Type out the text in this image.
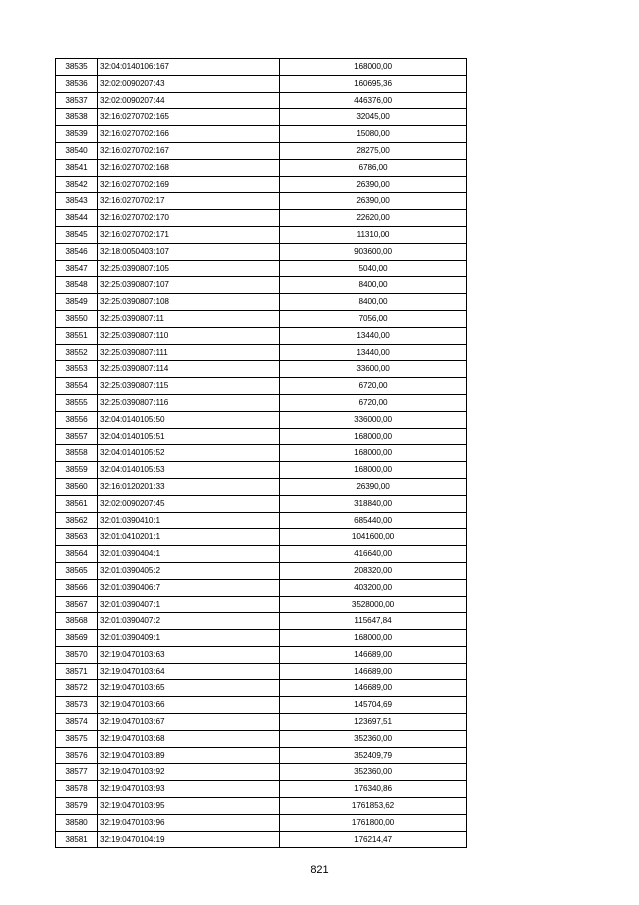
38535	32:04:0140106:167	168000,00
38536	32:02:0090207:43	160695,36
38537	32:02:0090207:44	446376,00
38538	32:16:0270702:165	32045,00
38539	32:16:0270702:166	15080,00
38540	32:16:0270702:167	28275,00
38541	32:16:0270702:168	6786,00
38542	32:16:0270702:169	26390,00
38543	32:16:0270702:17	26390,00
38544	32:16:0270702:170	22620,00
38545	32:16:0270702:171	11310,00
38546	32:18:0050403:107	903600,00
38547	32:25:0390807:105	5040,00
38548	32:25:0390807:107	8400,00
38549	32:25:0390807:108	8400,00
38550	32:25:0390807:11	7056,00
38551	32:25:0390807:110	13440,00
38552	32:25:0390807:111	13440,00
38553	32:25:0390807:114	33600,00
38554	32:25:0390807:115	6720,00
38555	32:25:0390807:116	6720,00
38556	32:04:0140105:50	336000,00
38557	32:04:0140105:51	168000,00
38558	32:04:0140105:52	168000,00
38559	32:04:0140105:53	168000,00
38560	32:16:0120201:33	26390,00
38561	32:02:0090207:45	318840,00
38562	32:01:0390410:1	685440,00
38563	32:01:0410201:1	1041600,00
38564	32:01:0390404:1	416640,00
38565	32:01:0390405:2	208320,00
38566	32:01:0390406:7	403200,00
38567	32:01:0390407:1	3528000,00
38568	32:01:0390407:2	115647,84
38569	32:01:0390409:1	168000,00
38570	32:19:0470103:63	146689,00
38571	32:19:0470103:64	146689,00
38572	32:19:0470103:65	146689,00
38573	32:19:0470103:66	145704,69
38574	32:19:0470103:67	123697,51
38575	32:19:0470103:68	352360,00
38576	32:19:0470103:89	352409,79
38577	32:19:0470103:92	352360,00
38578	32:19:0470103:93	176340,86
38579	32:19:0470103:95	1761853,62
38580	32:19:0470103:96	1761800,00
38581	32:19:0470104:19	176214,47
821
